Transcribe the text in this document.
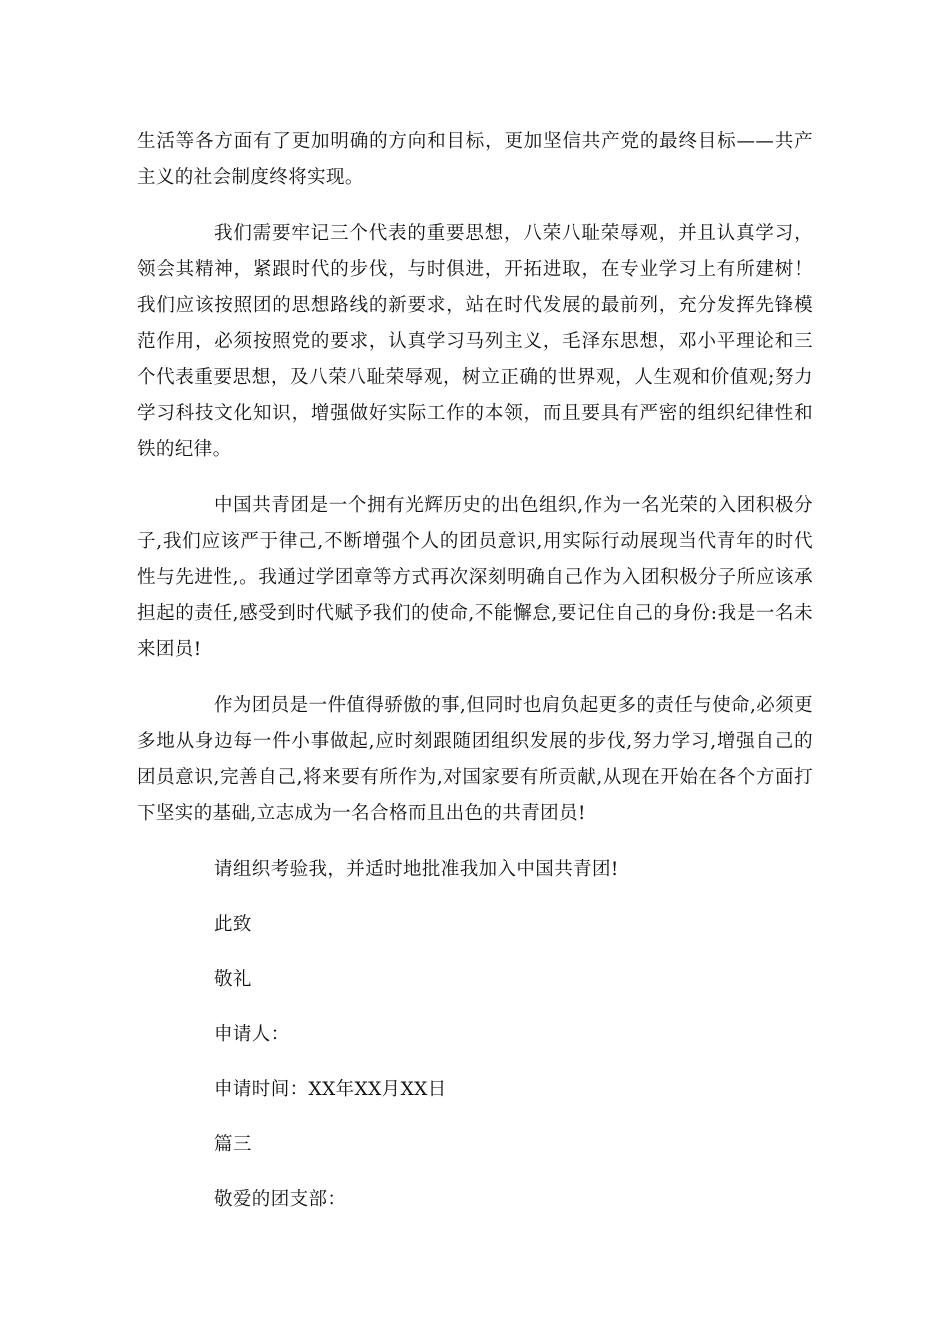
生活等各方面有了更加明确的方向和目标，更加坚信共产党的最终目标——共产主义的社会制度终将实现。

我们需要牢记三个代表的重要思想，八荣八耻荣辱观，并且认真学习，领会其精神，紧跟时代的步伐，与时俱进，开拓进取，在专业学习上有所建树！我们应该按照团的思想路线的新要求，站在时代发展的最前列，充分发挥先锋模范作用，必须按照党的要求，认真学习马列主义，毛泽东思想，邓小平理论和三个代表重要思想，及八荣八耻荣辱观，树立正确的世界观，人生观和价值观;努力学习科技文化知识，增强做好实际工作的本领，而且要具有严密的组织纪律性和铁的纪律。

中国共青团是一个拥有光辉历史的出色组织,作为一名光荣的入团积极分子,我们应该严于律己,不断增强个人的团员意识,用实际行动展现当代青年的时代性与先进性,。我通过学团章等方式再次深刻明确自己作为入团积极分子所应该承担起的责任,感受到时代赋予我们的使命,不能懈怠,要记住自己的身份:我是一名未来团员!

作为团员是一件值得骄傲的事,但同时也肩负起更多的责任与使命,必须更多地从身边每一件小事做起,应时刻跟随团组织发展的步伐,努力学习,增强自己的团员意识,完善自己,将来要有所作为,对国家要有所贡献,从现在开始在各个方面打下坚实的基础,立志成为一名合格而且出色的共青团员!

请组织考验我，并适时地批准我加入中国共青团!

此致

敬礼

申请人：

申请时间：XX年XX月XX日

篇三

敬爱的团支部：
